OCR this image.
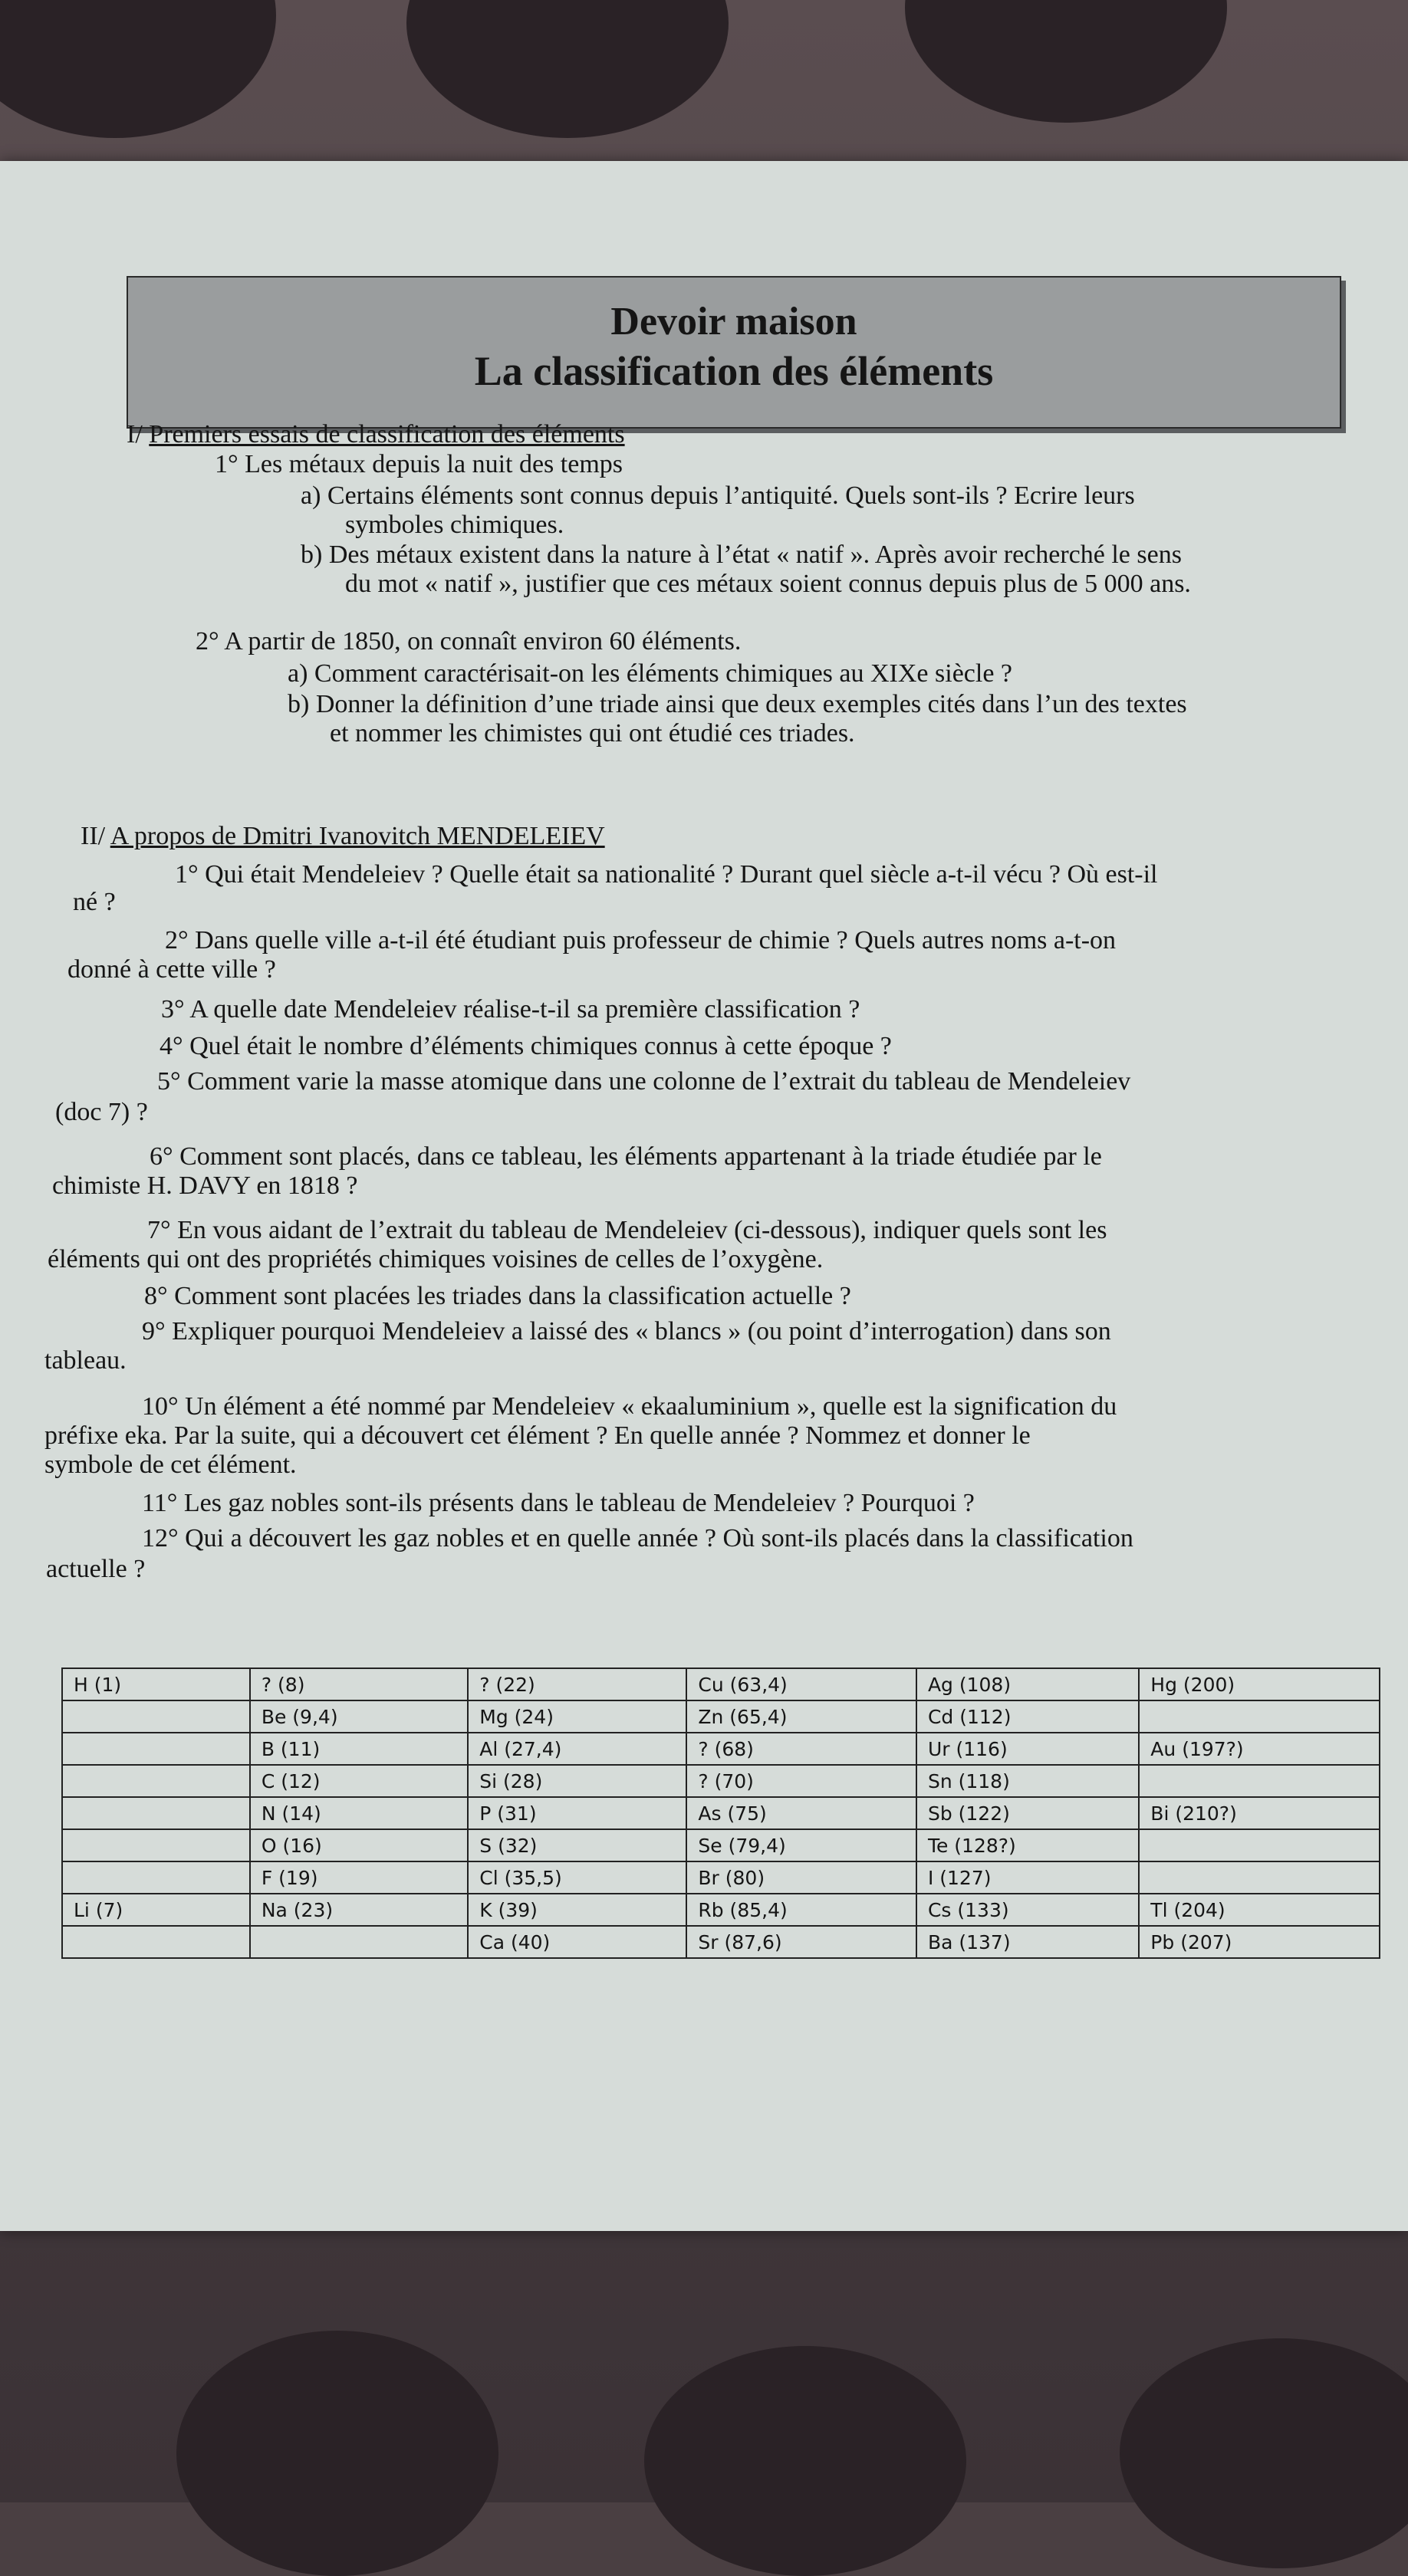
Devoir maison
La classification des éléments
I/ Premiers essais de classification des éléments
1° Les métaux depuis la nuit des temps
a) Certains éléments sont connus depuis l’antiquité. Quels sont-ils ? Ecrire leurs
symboles chimiques.
b) Des métaux existent dans la nature à l’état « natif ». Après avoir recherché le sens
du mot « natif », justifier que ces métaux soient connus depuis plus de 5 000 ans.
2° A partir de 1850, on connaît environ 60 éléments.
a) Comment caractérisait-on les éléments chimiques au XIXe siècle ?
b) Donner la définition d’une triade ainsi que deux exemples cités dans l’un des textes
et nommer les chimistes qui ont étudié ces triades.
II/ A propos de Dmitri Ivanovitch MENDELEIEV
1° Qui était Mendeleiev ? Quelle était sa nationalité ? Durant quel siècle a-t-il vécu ? Où est-il
né ?
2° Dans quelle ville a-t-il été étudiant puis professeur de chimie ? Quels autres noms a-t-on
donné à cette ville ?
3° A quelle date Mendeleiev réalise-t-il sa première classification ?
4° Quel était le nombre d’éléments chimiques connus à cette époque ?
5° Comment varie la masse atomique dans une colonne de l’extrait du tableau de Mendeleiev
(doc 7) ?
6° Comment sont placés, dans ce tableau, les éléments appartenant à la triade étudiée par le
chimiste H. DAVY en 1818 ?
7° En vous aidant de l’extrait du tableau de Mendeleiev (ci-dessous), indiquer quels sont les
éléments qui ont des propriétés chimiques voisines de celles de l’oxygène.
8° Comment sont placées les triades dans la classification actuelle ?
9° Expliquer pourquoi Mendeleiev a laissé des « blancs » (ou point d’interrogation) dans son
tableau.
10° Un élément a été nommé par Mendeleiev « ekaaluminium », quelle est la signification du
préfixe eka. Par la suite, qui a découvert cet élément ? En quelle année ? Nommez et donner le
symbole de cet élément.
11° Les gaz nobles sont-ils présents dans le tableau de Mendeleiev ? Pourquoi ?
12° Qui a découvert les gaz nobles et en quelle année ? Où sont-ils placés dans la classification
actuelle ?
H (1)	? (8)	? (22)	Cu (63,4)	Ag (108)	Hg (200)
	Be (9,4)	Mg (24)	Zn (65,4)	Cd (112)	
	B (11)	Al (27,4)	? (68)	Ur (116)	Au (197?)
	C (12)	Si (28)	? (70)	Sn (118)	
	N (14)	P (31)	As (75)	Sb (122)	Bi (210?)
	O (16)	S (32)	Se (79,4)	Te (128?)	
	F (19)	Cl (35,5)	Br (80)	I (127)	
Li (7)	Na (23)	K (39)	Rb (85,4)	Cs (133)	Tl (204)
		Ca (40)	Sr (87,6)	Ba (137)	Pb (207)
